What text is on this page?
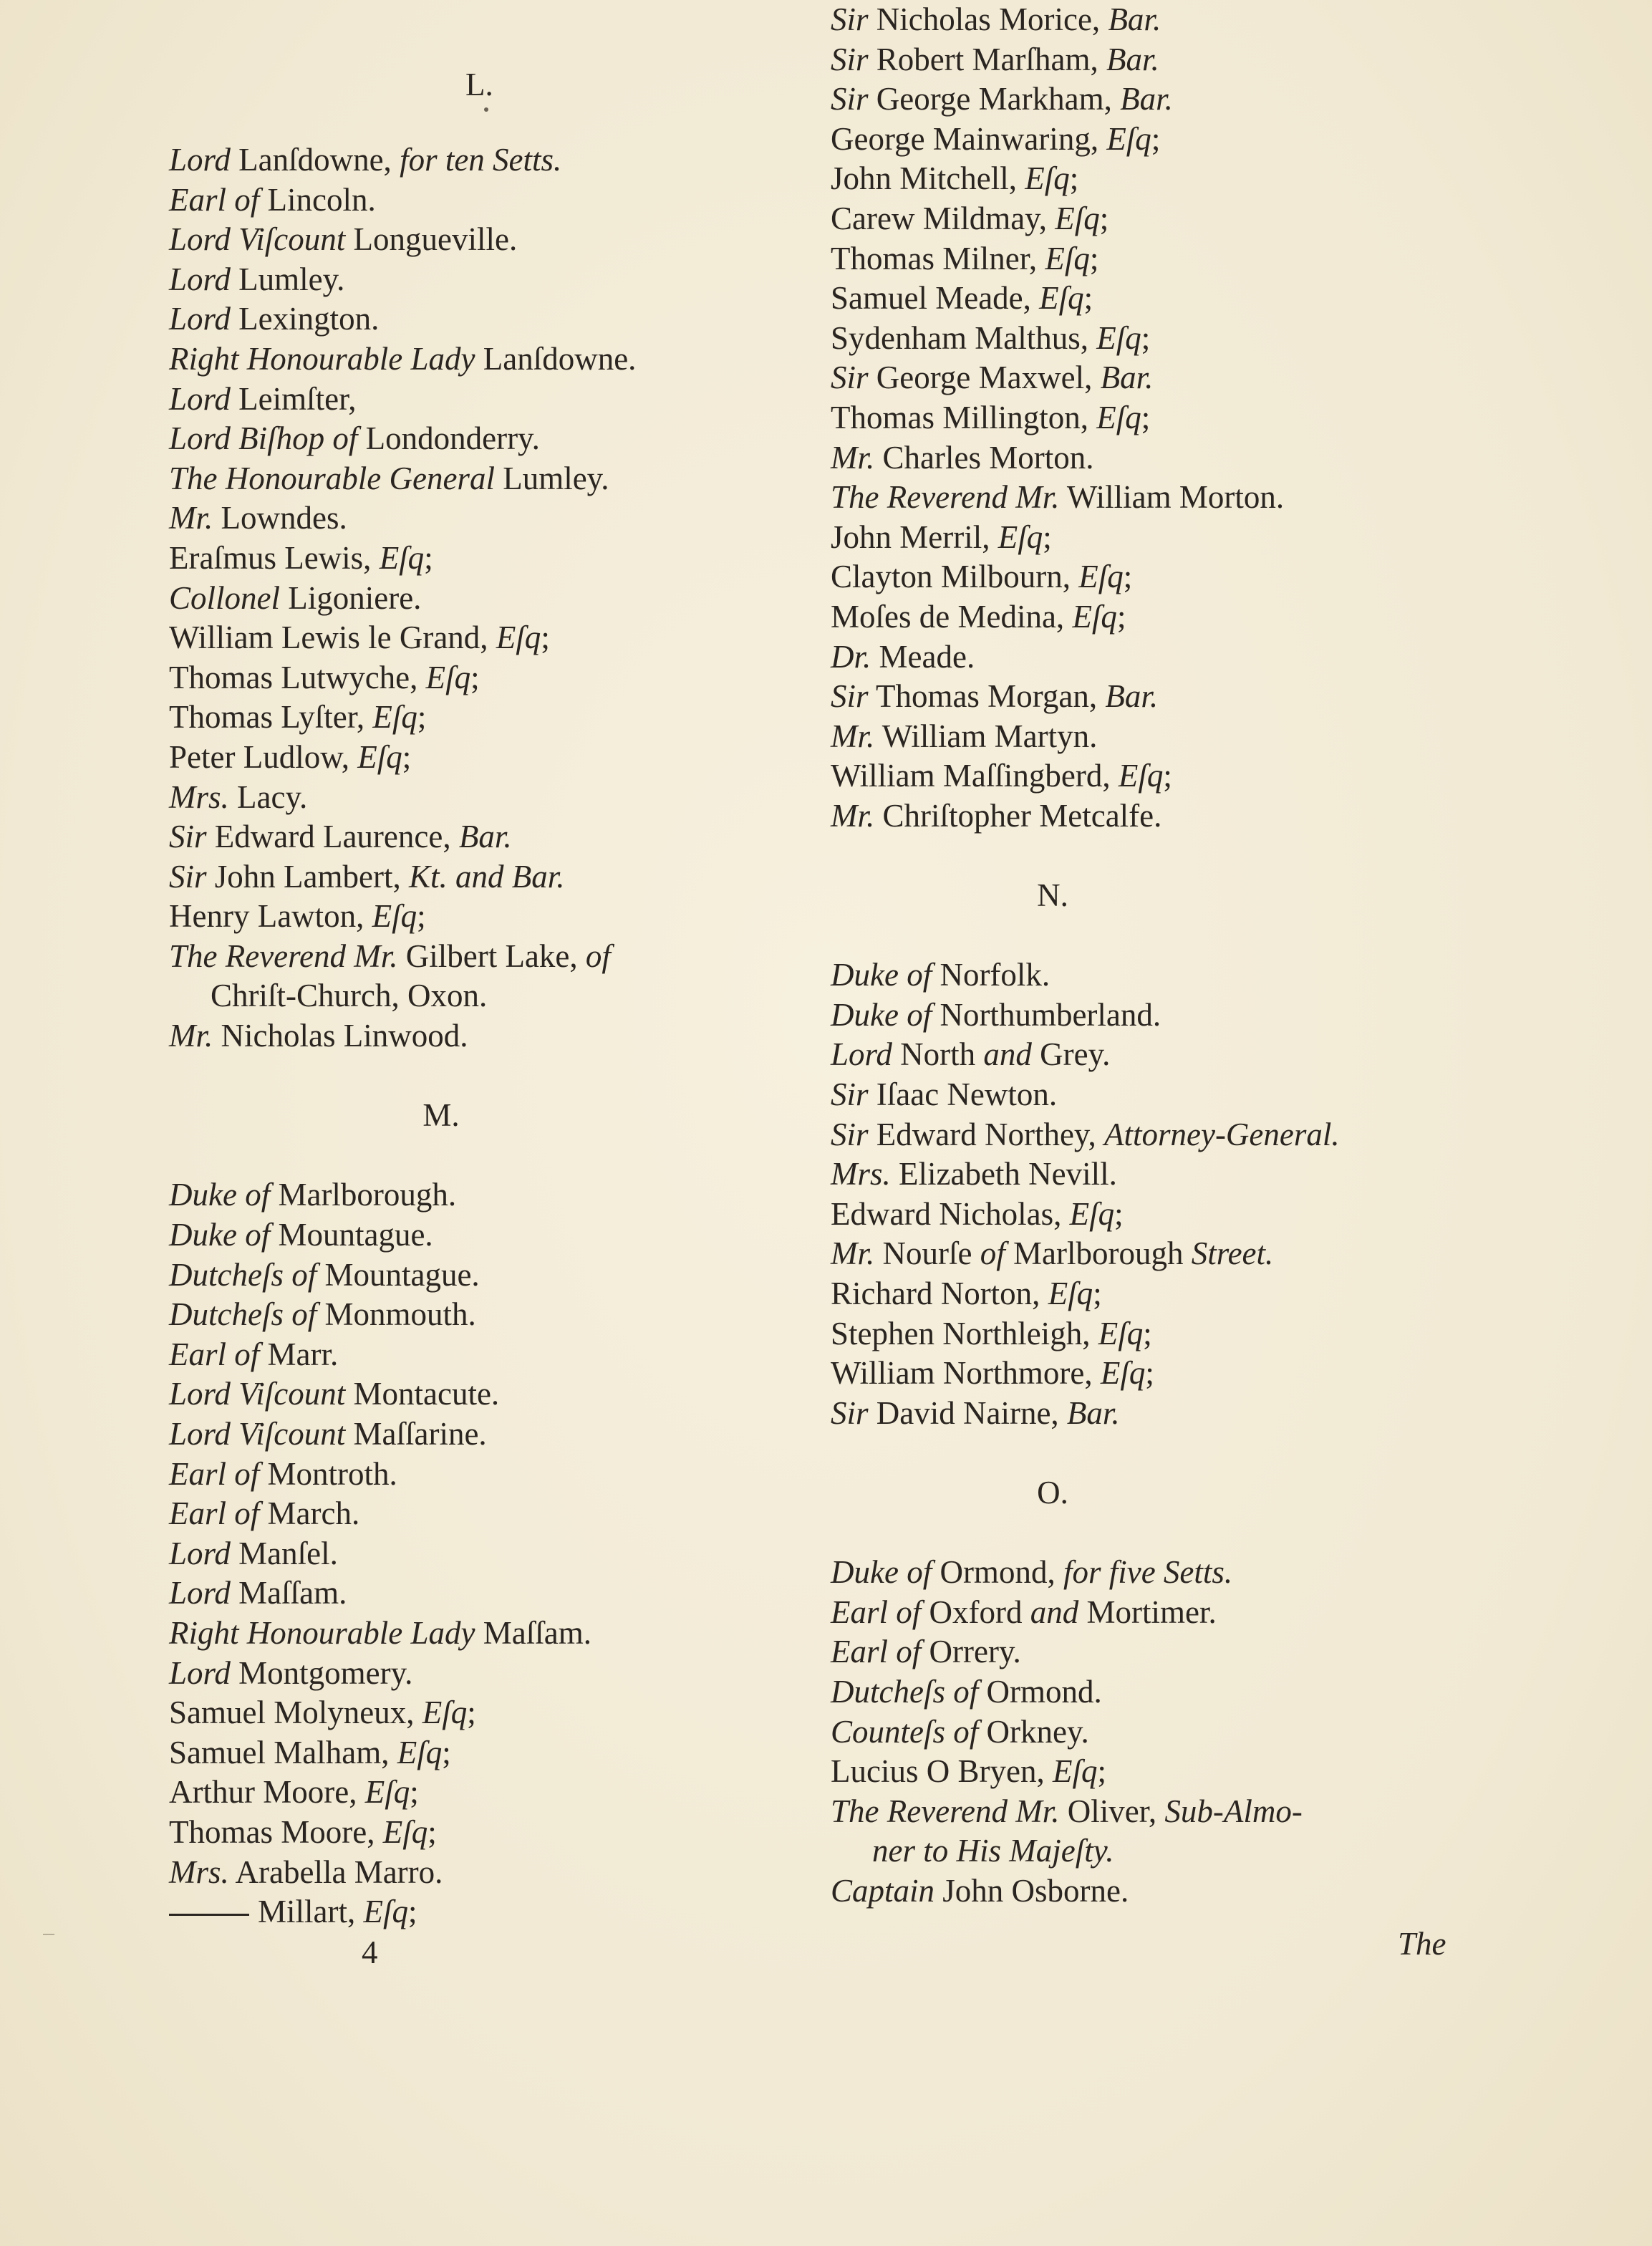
L.
Lord Lanſdowne, for ten Setts.
Earl of Lincoln.
Lord Viſcount Longueville.
Lord Lumley.
Lord Lexington.
Right Honourable Lady Lanſdowne.
Lord Leimſter,
Lord Biſhop of Londonderry.
The Honourable General Lumley.
Mr. Lowndes.
Eraſmus Lewis, Eſq;
Collonel Ligoniere.
William Lewis le Grand, Eſq;
Thomas Lutwyche, Eſq;
Thomas Lyſter, Eſq;
Peter Ludlow, Eſq;
Mrs. Lacy.
Sir Edward Laurence, Bar.
Sir John Lambert, Kt. and Bar.
Henry Lawton, Eſq;
The Reverend Mr. Gilbert Lake, of
Chriſt-Church, Oxon.
Mr. Nicholas Linwood.
M.
Duke of Marlborough.
Duke of Mountague.
Dutcheſs of Mountague.
Dutcheſs of Monmouth.
Earl of Marr.
Lord Viſcount Montacute.
Lord Viſcount Maſſarine.
Earl of Montroth.
Earl of March.
Lord Manſel.
Lord Maſſam.
Right Honourable Lady Maſſam.
Lord Montgomery.
Samuel Molyneux, Eſq;
Samuel Malham, Eſq;
Arthur Moore, Eſq;
Thomas Moore, Eſq;
Mrs. Arabella Marro.
Millart, Eſq;
Sir Nicholas Morice, Bar.
Sir Robert Marſham, Bar.
Sir George Markham, Bar.
George Mainwaring, Eſq;
John Mitchell, Eſq;
Carew Mildmay, Eſq;
Thomas Milner, Eſq;
Samuel Meade, Eſq;
Sydenham Malthus, Eſq;
Sir George Maxwel, Bar.
Thomas Millington, Eſq;
Mr. Charles Morton.
The Reverend Mr. William Morton.
John Merril, Eſq;
Clayton Milbourn, Eſq;
Moſes de Medina, Eſq;
Dr. Meade.
Sir Thomas Morgan, Bar.
Mr. William Martyn.
William Maſſingberd, Eſq;
Mr. Chriſtopher Metcalfe.
N.
Duke of Norfolk.
Duke of Northumberland.
Lord North and Grey.
Sir Iſaac Newton.
Sir Edward Northey, Attorney-General.
Mrs. Elizabeth Nevill.
Edward Nicholas, Eſq;
Mr. Nourſe of Marlborough Street.
Richard Norton, Eſq;
Stephen Northleigh, Eſq;
William Northmore, Eſq;
Sir David Nairne, Bar.
O.
Duke of Ormond, for five Setts.
Earl of Oxford and Mortimer.
Earl of Orrery.
Dutcheſs of Ormond.
Counteſs of Orkney.
Lucius O Bryen, Eſq;
The Reverend Mr. Oliver, Sub-Almo-
ner to His Majeſty.
Captain John Osborne.
4	The
